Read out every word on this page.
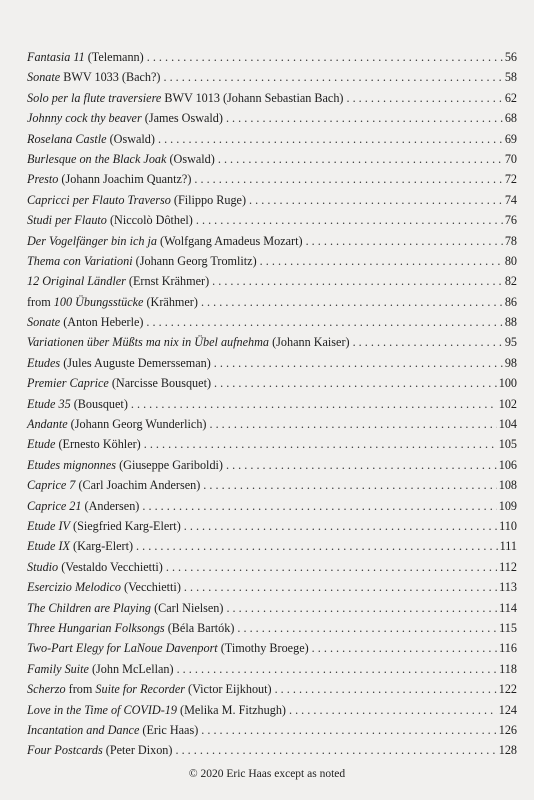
Fantasia 11 (Telemann) . . .	56
Sonate BWV 1033 (Bach?) . . .	58
Solo per la flute traversiere BWV 1013 (Johann Sebastian Bach) . . .	62
Johnny cock thy beaver (James Oswald) . . .	68
Roselana Castle (Oswald) . . .	69
Burlesque on the Black Joak (Oswald) . . .	70
Presto (Johann Joachim Quantz?) . . .	72
Capricci per Flauto Traverso (Filippo Ruge) . . .	74
Studi per Flauto (Niccolò Dôthel) . . .	76
Der Vogelfänger bin ich ja (Wolfgang Amadeus Mozart) . . .	78
Thema con Variationi (Johann Georg Tromlitz) . . .	80
12 Original Ländler (Ernst Krähmer) . . .	82
from 100 Übungsstücke (Krähmer) . . .	86
Sonate (Anton Heberle) . . .	88
Variationen über Müßts ma nix in Übel aufnehma (Johann Kaiser) . . .	95
Etudes (Jules Auguste Demersseman) . . .	98
Premier Caprice (Narcisse Bousquet) . . .	100
Etude 35 (Bousquet) . . .	102
Andante (Johann Georg Wunderlich) . . .	104
Etude (Ernesto Köhler) . . .	105
Etudes mignonnes (Giuseppe Gariboldi) . . .	106
Caprice 7 (Carl Joachim Andersen) . . .	108
Caprice 21 (Andersen) . . .	109
Etude IV (Siegfried Karg-Elert) . . .	110
Etude IX (Karg-Elert) . . .	111
Studio (Vestaldo Vecchietti) . . .	112
Esercizio Melodico (Vecchietti) . . .	113
The Children are Playing (Carl Nielsen) . . .	114
Three Hungarian Folksongs (Béla Bartók) . . .	115
Two-Part Elegy for LaNoue Davenport (Timothy Broege) . . .	116
Family Suite (John McLellan) . . .	118
Scherzo from Suite for Recorder (Victor Eijkhout) . . .	122
Love in the Time of COVID-19 (Melika M. Fitzhugh) . . .	124
Incantation and Dance (Eric Haas) . . .	126
Four Postcards (Peter Dixon) . . .	128
© 2020 Eric Haas except as noted
